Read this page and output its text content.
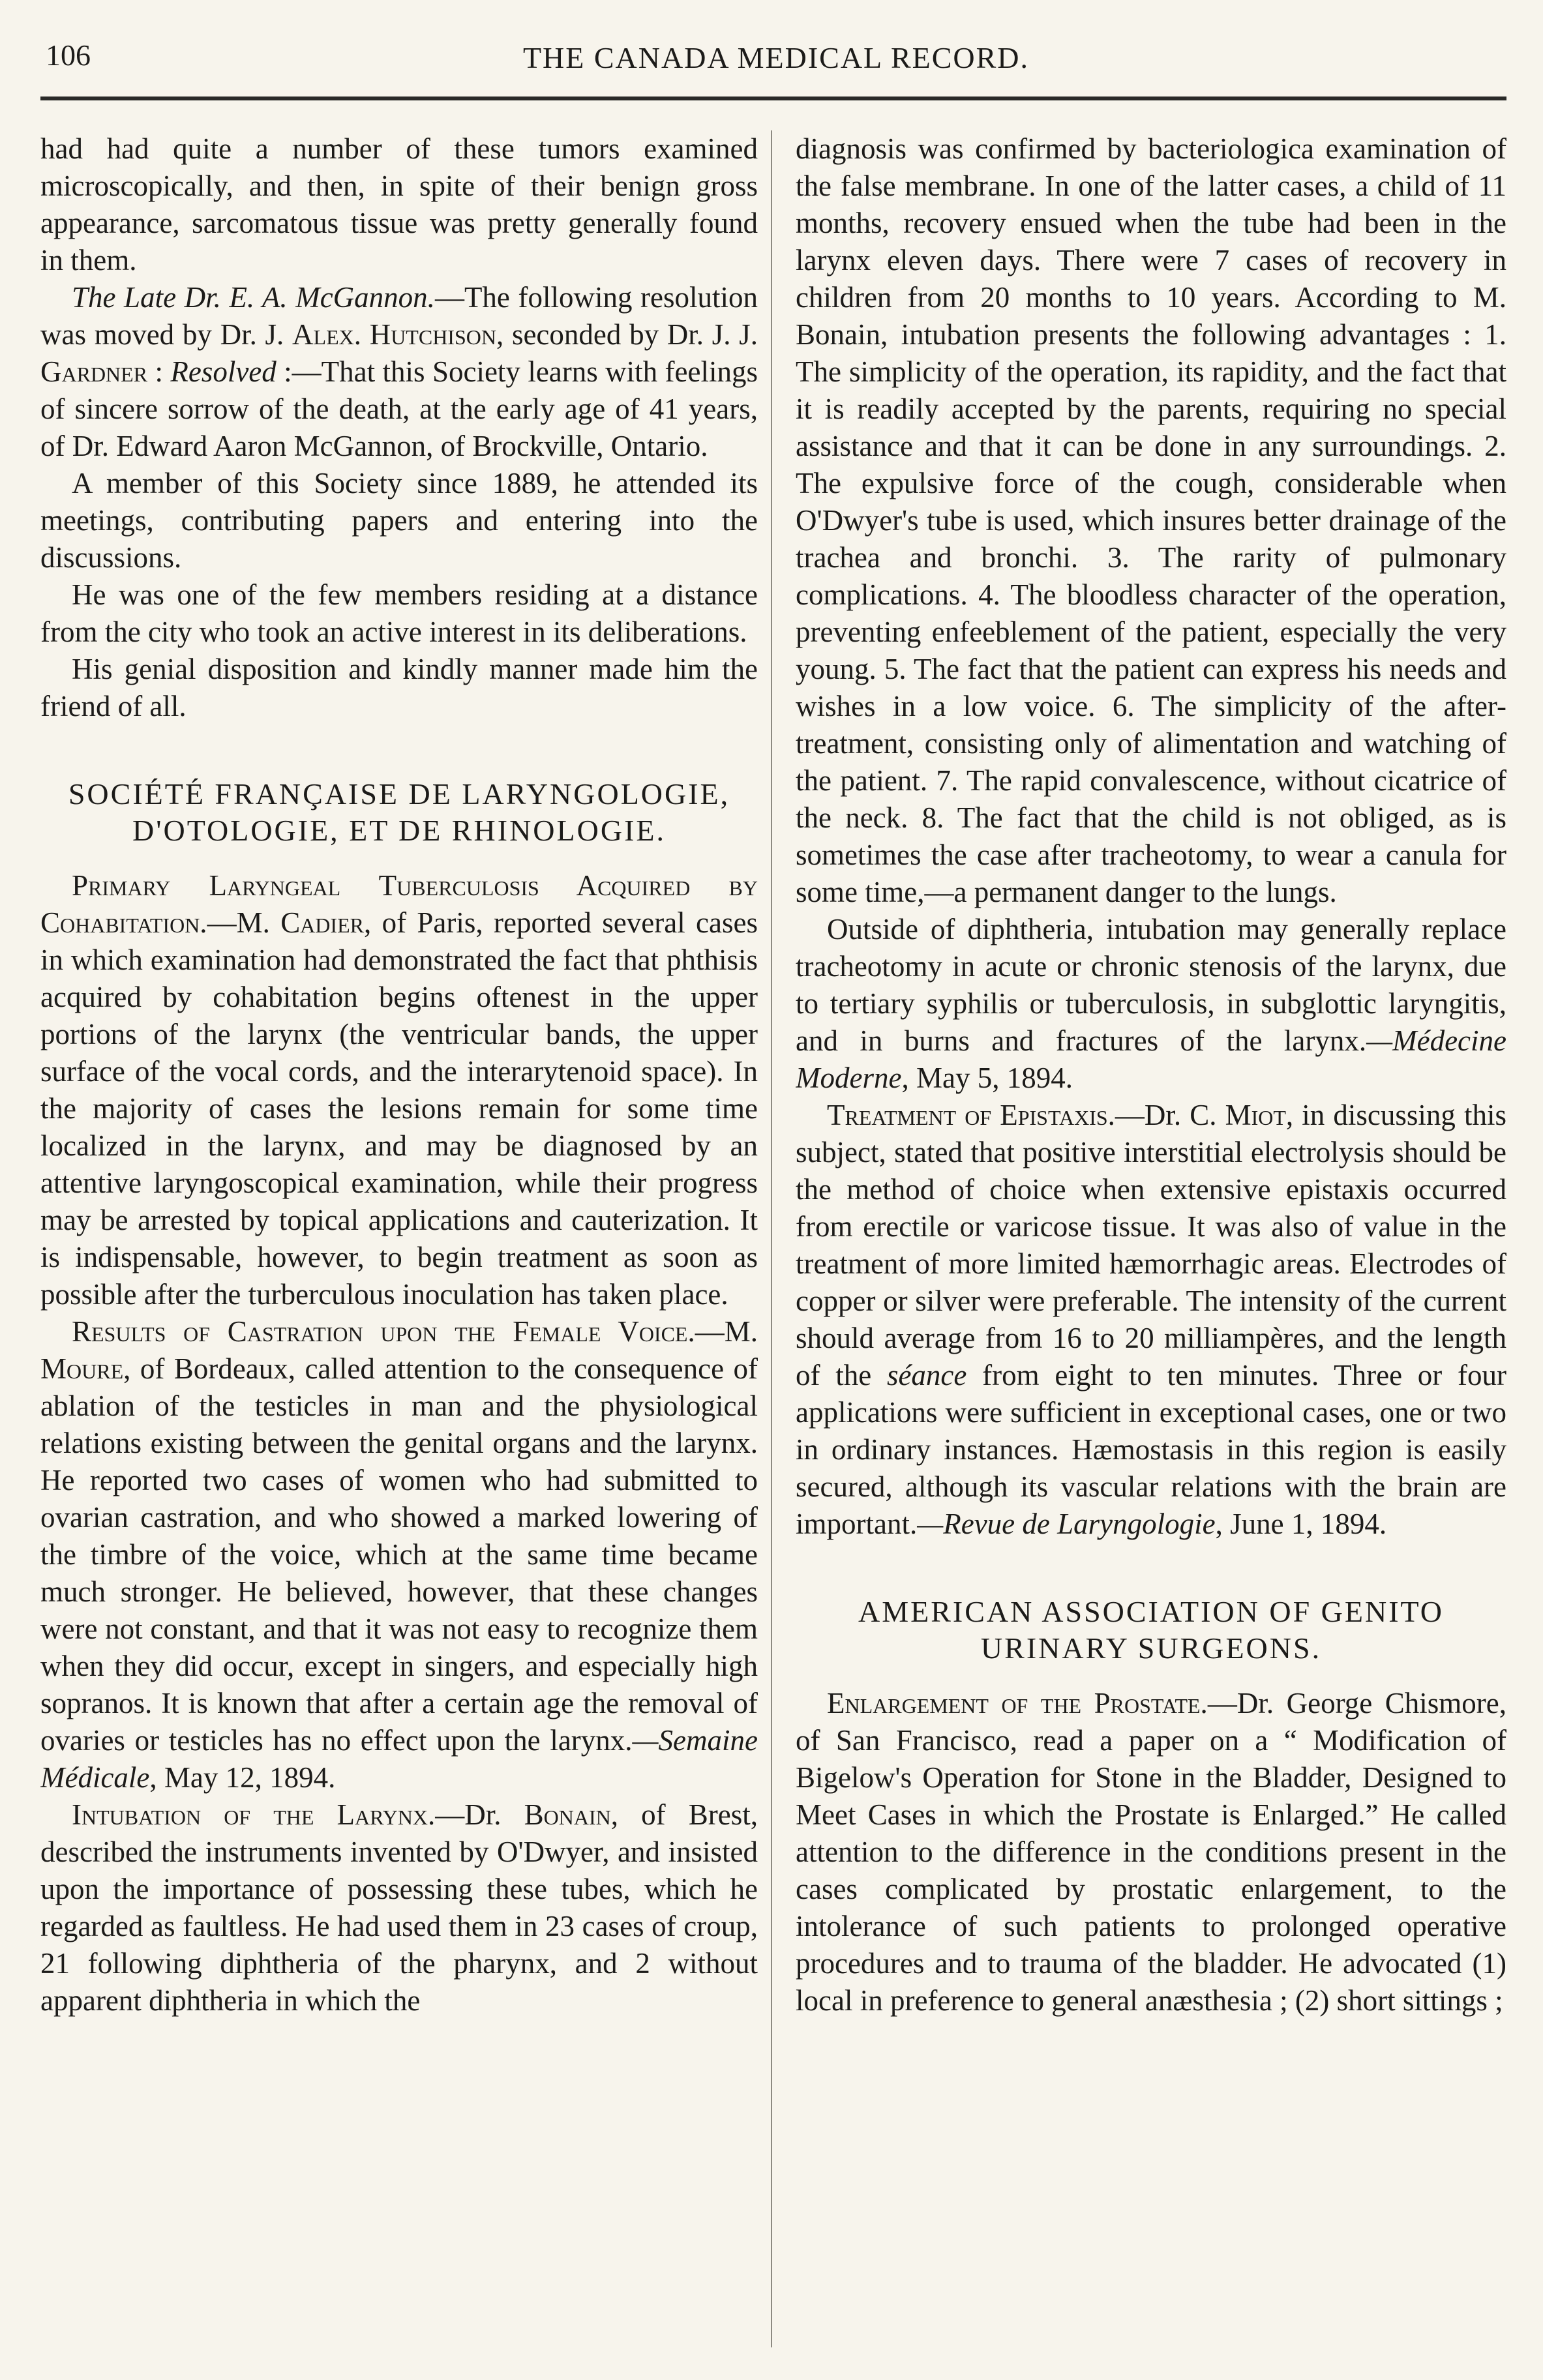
106	THE CANADA MEDICAL RECORD.

had had quite a number of these tumors examined microscopically, and then, in spite of their benign gross appearance, sarcomatous tissue was pretty generally found in them.

The Late Dr. E. A. McGannon.—The following resolution was moved by Dr. J. Alex. Hutchison, seconded by Dr. J. J. Gardner : Resolved :—That this Society learns with feelings of sincere sorrow of the death, at the early age of 41 years, of Dr. Edward Aaron McGannon, of Brockville, Ontario.

A member of this Society since 1889, he attended its meetings, contributing papers and entering into the discussions.

He was one of the few members residing at a distance from the city who took an active interest in its deliberations.

His genial disposition and kindly manner made him the friend of all.

SOCIÉTÉ FRANÇAISE DE LARYNGOLOGIE, D'OTOLOGIE, ET DE RHINOLOGIE.

Primary Laryngeal Tuberculosis Acquired by Cohabitation.—M. Cadier, of Paris, reported several cases in which examination had demonstrated the fact that phthisis acquired by cohabitation begins oftenest in the upper portions of the larynx (the ventricular bands, the upper surface of the vocal cords, and the interarytenoid space). In the majority of cases the lesions remain for some time localized in the larynx, and may be diagnosed by an attentive laryngoscopical examination, while their progress may be arrested by topical applications and cauterization. It is indispensable, however, to begin treatment as soon as possible after the turberculous inoculation has taken place.

Results of Castration upon the Female Voice.—M. Moure, of Bordeaux, called attention to the consequence of ablation of the testicles in man and the physiological relations existing between the genital organs and the larynx. He reported two cases of women who had submitted to ovarian castration, and who showed a marked lowering of the timbre of the voice, which at the same time became much stronger. He believed, however, that these changes were not constant, and that it was not easy to recognize them when they did occur, except in singers, and especially high sopranos. It is known that after a certain age the removal of ovaries or testicles has no effect upon the larynx.—Semaine Médicale, May 12, 1894.

Intubation of the Larynx.—Dr. Bonain, of Brest, described the instruments invented by O'Dwyer, and insisted upon the importance of possessing these tubes, which he regarded as faultless. He had used them in 23 cases of croup, 21 following diphtheria of the pharynx, and 2 without apparent diphtheria in which the

diagnosis was confirmed by bacteriologica examination of the false membrane. In one of the latter cases, a child of 11 months, recovery ensued when the tube had been in the larynx eleven days. There were 7 cases of recovery in children from 20 months to 10 years. According to M. Bonain, intubation presents the following advantages : 1. The simplicity of the operation, its rapidity, and the fact that it is readily accepted by the parents, requiring no special assistance and that it can be done in any surroundings. 2. The expulsive force of the cough, considerable when O'Dwyer's tube is used, which insures better drainage of the trachea and bronchi. 3. The rarity of pulmonary complications. 4. The bloodless character of the operation, preventing enfeeblement of the patient, especially the very young. 5. The fact that the patient can express his needs and wishes in a low voice. 6. The simplicity of the after-treatment, consisting only of alimentation and watching of the patient. 7. The rapid convalescence, without cicatrice of the neck. 8. The fact that the child is not obliged, as is sometimes the case after tracheotomy, to wear a canula for some time,—a permanent danger to the lungs.

Outside of diphtheria, intubation may generally replace tracheotomy in acute or chronic stenosis of the larynx, due to tertiary syphilis or tuberculosis, in subglottic laryngitis, and in burns and fractures of the larynx.—Médecine Moderne, May 5, 1894.

Treatment of Epistaxis.—Dr. C. Miot, in discussing this subject, stated that positive interstitial electrolysis should be the method of choice when extensive epistaxis occurred from erectile or varicose tissue. It was also of value in the treatment of more limited hæmorrhagic areas. Electrodes of copper or silver were preferable. The intensity of the current should average from 16 to 20 milliampères, and the length of the séance from eight to ten minutes. Three or four applications were sufficient in exceptional cases, one or two in ordinary instances. Hæmostasis in this region is easily secured, although its vascular relations with the brain are important.—Revue de Laryngologie, June 1, 1894.

AMERICAN ASSOCIATION OF GENITO URINARY SURGEONS.

Enlargement of the Prostate.—Dr. George Chismore, of San Francisco, read a paper on a “ Modification of Bigelow's Operation for Stone in the Bladder, Designed to Meet Cases in which the Prostate is Enlarged.” He called attention to the difference in the conditions present in the cases complicated by prostatic enlargement, to the intolerance of such patients to prolonged operative procedures and to trauma of the bladder. He advocated (1) local in preference to general anæsthesia ; (2) short sittings ;
